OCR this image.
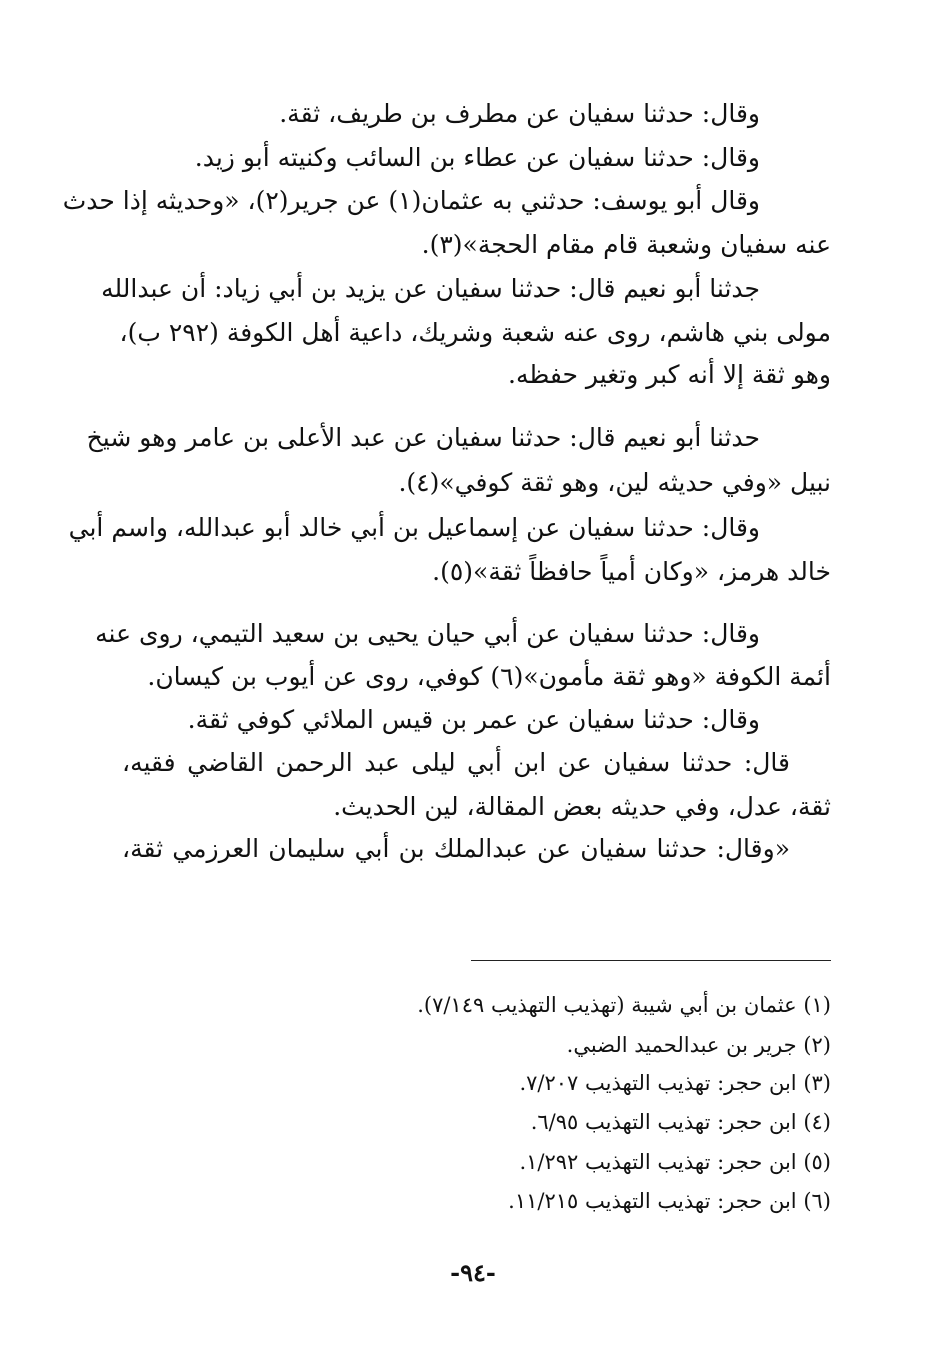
وقال: حدثنا سفيان عن مطرف بن طريف، ثقة.
وقال: حدثنا سفيان عن عطاء بن السائب وكنيته أبو زيد.
وقال أبو يوسف: حدثني به عثمان(١) عن جرير(٢)، «وحديثه إذا حدث
عنه سفيان وشعبة قام مقام الحجة»(٣).
جدثنا أبو نعيم قال: حدثنا سفيان عن يزيد بن أبي زياد: أن عبدالله
مولى بني هاشم، روى عنه شعبة وشريك، داعية أهل الكوفة (٢٩٢ ب)،
وهو ثقة إلا أنه كبر وتغير حفظه.
حدثنا أبو نعيم قال: حدثنا سفيان عن عبد الأعلى بن عامر وهو شيخ
نبيل «وفي حديثه لين، وهو ثقة كوفي»(٤).
وقال: حدثنا سفيان عن إسماعيل بن أبي خالد أبو عبدالله، واسم أبي
خالد هرمز، «وكان أمياً حافظاً ثقة»(٥).
وقال: حدثنا سفيان عن أبي حيان يحيى بن سعيد التيمي، روى عنه
أئمة الكوفة «وهو ثقة مأمون»(٦) كوفي، روى عن أيوب بن كيسان.
وقال: حدثنا سفيان عن عمر بن قيس الملائي كوفي ثقة.
قال: حدثنا سفيان عن ابن أبي ليلى عبد الرحمن القاضي فقيه،
ثقة، عدل، وفي حديثه بعض المقالة، لين الحديث.
«وقال: حدثنا سفيان عن عبدالملك بن أبي سليمان العرزمي ثقة،
(١) عثمان بن أبي شيبة (تهذيب التهذيب ٧/١٤٩).
(٢) جرير بن عبدالحميد الضبي.
(٣) ابن حجر: تهذيب التهذيب ٧/٢٠٧.
(٤) ابن حجر: تهذيب التهذيب ٦/٩٥.
(٥) ابن حجر: تهذيب التهذيب ١/٢٩٢.
(٦) ابن حجر: تهذيب التهذيب ١١/٢١٥.
-٩٤-
